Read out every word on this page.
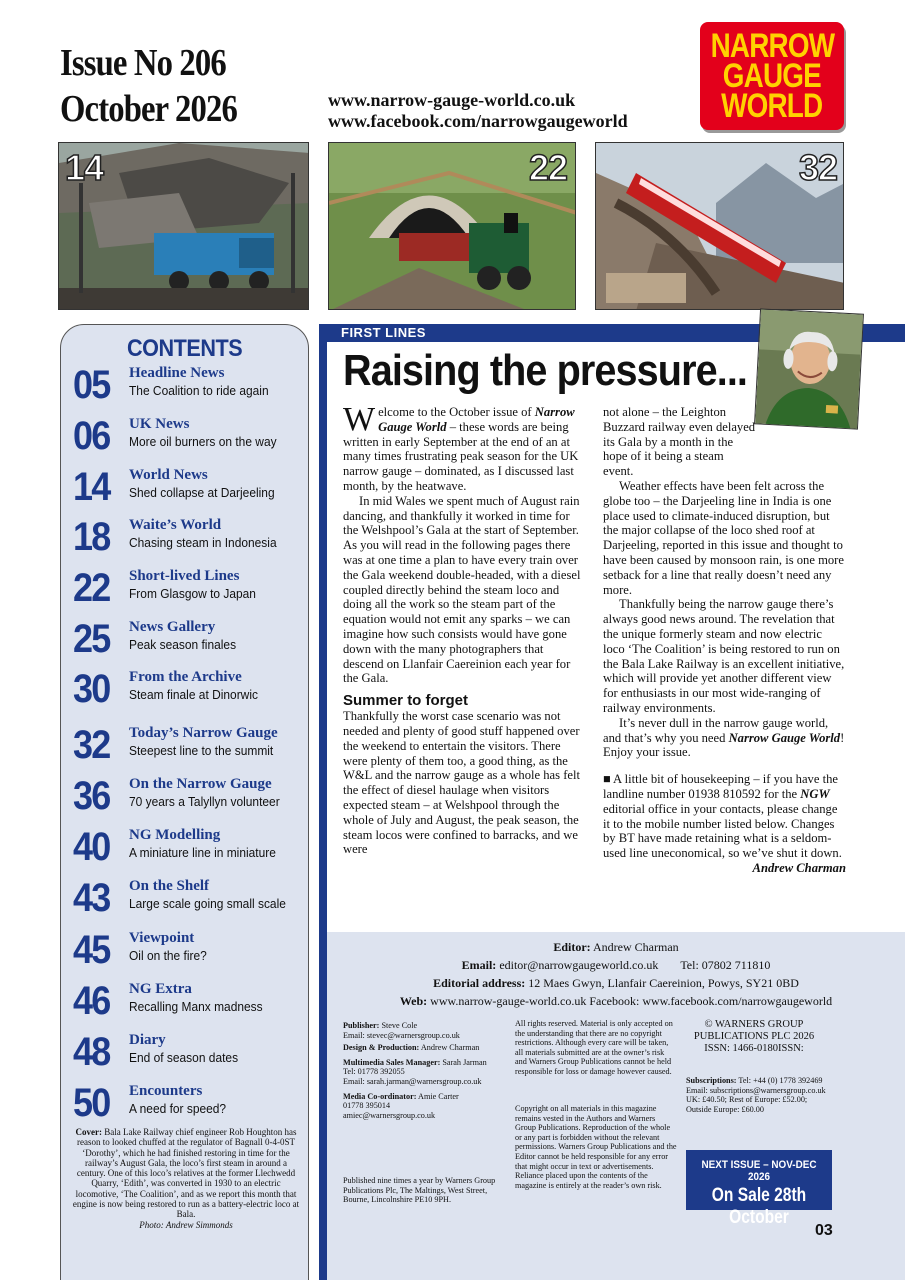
Issue No 206
October 2026	www.narrow-gauge-world.co.uk
www.facebook.com/narrowgaugeworld
NARROW
GAUGE
WORLD
14	22	32
CONTENTS
05 Headline News
The Coalition to ride again
06 UK News
More oil burners on the way
14 World News
Shed collapse at Darjeeling
18 Waite’s World
Chasing steam in Indonesia
22 Short-lived Lines
From Glasgow to Japan
25 News Gallery
Peak season finales
30 From the Archive
Steam finale at Dinorwic
32 Today’s Narrow Gauge
Steepest line to the summit
36 On the Narrow Gauge
70 years a Talyllyn volunteer
40 NG Modelling
A miniature line in miniature
43 On the Shelf
Large scale going small scale
45 Viewpoint
Oil on the fire?
46 NG Extra
Recalling Manx madness
48 Diary
End of season dates
50 Encounters
A need for speed?
Cover: Bala Lake Railway chief engineer Rob Houghton has reason to looked chuffed at the regulator of Bagnall 0-4-0ST ‘Dorothy’, which he had finished restoring in time for the railway’s August Gala, the loco’s first steam in around a century. One of this loco’s relatives at the former Llechwedd Quarry, ‘Edith’, was converted in 1930 to an electric locomotive, ‘The Coalition’, and as we report this month that engine is now being restored to run as a battery-electric loco at Bala.
Photo: Andrew Simmonds
FIRST LINES
Raising the pressure...

Welcome to the October issue of Narrow Gauge World – these words are being written in early September at the end of an at many times frustrating peak season for the UK narrow gauge – dominated, as I discussed last month, by the heatwave.

In mid Wales we spent much of August rain dancing, and thankfully it worked in time for the Welshpool’s Gala at the start of September. As you will read in the following pages there was at one time a plan to have every train over the Gala weekend double-headed, with a diesel coupled directly behind the steam loco and doing all the work so the steam part of the equation would not emit any sparks – we can imagine how such consists would have gone down with the many photographers that descend on Llanfair Caereinion each year for the Gala.

Summer to forget

Thankfully the worst case scenario was not needed and plenty of good stuff happened over the weekend to entertain the visitors. There were plenty of them too, a good thing, as the W&L and the narrow gauge as a whole has felt the effect of diesel haulage when visitors expected steam – at Welshpool through the whole of July and August, the peak season, the steam locos were confined to barracks, and we were

not alone – the Leighton Buzzard railway even delayed its Gala by a month in the hope of it being a steam event.

Weather effects have been felt across the globe too – the Darjeeling line in India is one place used to climate-induced disruption, but the major collapse of the loco shed roof at Darjeeling, reported in this issue and thought to have been caused by monsoon rain, is one more setback for a line that really doesn’t need any more.

Thankfully being the narrow gauge there’s always good news around. The revelation that the unique formerly steam and now electric loco ‘The Coalition’ is being restored to run on the Bala Lake Railway is an excellent initiative, which will provide yet another different view for enthusiasts in our most wide-ranging of railway environments.

It’s never dull in the narrow gauge world, and that’s why you need Narrow Gauge World! Enjoy your issue.

■ A little bit of housekeeping – if you have the landline number 01938 810592 for the NGW editorial office in your contacts, please change it to the mobile number listed below. Changes by BT have made retaining what is a seldom-used line uneconomical, so we’ve shut it down.

Andrew Charman
Editor: Andrew Charman
Email: editor@narrowgaugeworld.co.uk Tel: 07802 711810
Editorial address: 12 Maes Gwyn, Llanfair Caereinion, Powys, SY21 0BD
Web: www.narrow-gauge-world.co.uk Facebook: www.facebook.com/narrowgaugeworld
Publisher: Steve Cole
Email: stevec@warnersgroup.co.uk
Design & Production: Andrew Charman
Multimedia Sales Manager: Sarah Jarman
Tel: 01778 392055
Email: sarah.jarman@warnersgroup.co.uk
Media Co-ordinator: Amie Carter
01778 395014
amiec@warnersgroup.co.uk
Published nine times a year by Warners Group Publications Plc, The Maltings, West Street, Bourne, Lincolnshire PE10 9PH.
All rights reserved. Material is only accepted on the understanding that there are no copyright restrictions. Although every care will be taken, all materials submitted are at the owner’s risk and Warners Group Publications cannot be held responsible for loss or damage however caused.
Copyright on all materials in this magazine remains vested in the Authors and Warners Group Publications. Reproduction of the whole or any part is forbidden without the relevant permissions. Warners Group Publications and the Editor cannot be held responsible for any error that might occur in text or advertisements. Reliance placed upon the contents of the magazine is entirely at the reader’s own risk.
© WARNERS GROUP
PUBLICATIONS PLC 2026
ISSN: 1466-0180ISSN:
Subscriptions: Tel: +44 (0) 1778 392469
Email: subscriptions@warnersgroup.co.uk
UK: £40.50; Rest of Europe: £52.00;
Outside Europe: £60.00
NEXT ISSUE – NOV-DEC 2026
On Sale 28th October
03
